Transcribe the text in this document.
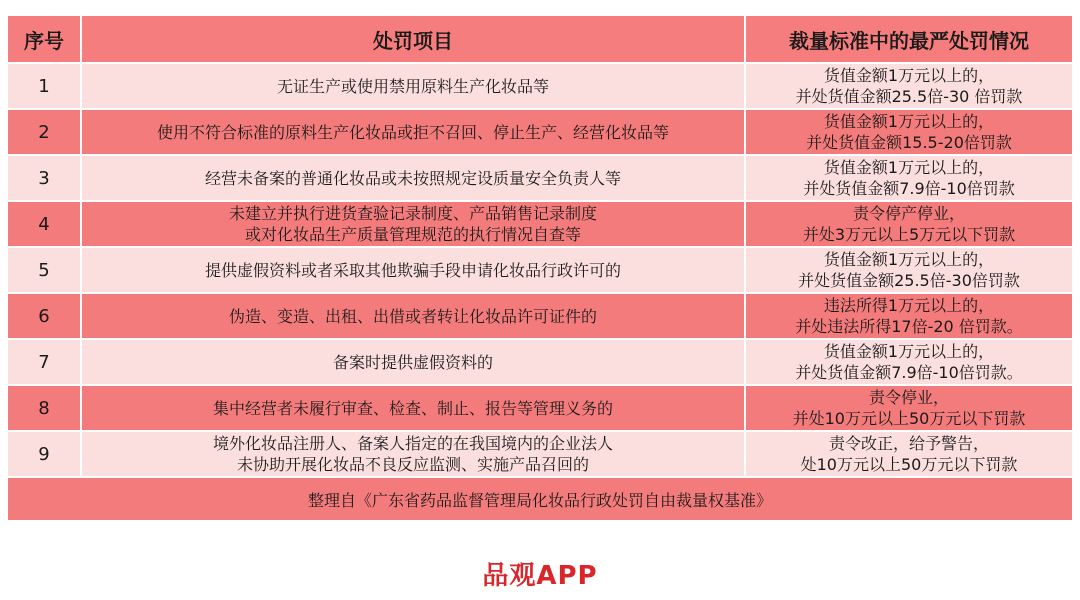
序号	处罚项目	裁量标准中的最严处罚情况
1	无证生产或使用禁用原料生产化妆品等	货值金额1万元以上的，
并处货值金额25.5倍-30 倍罚款

2	使用不符合标准的原料生产化妆品或拒不召回、停止生产、经营化妆品等	货值金额1万元以上的，
并处货值金额15.5-20倍罚款

3	经营未备案的普通化妆品或未按照规定设质量安全负责人等	货值金额1万元以上的，
并处货值金额7.9倍-10倍罚款

4	未建立并执行进货查验记录制度、产品销售记录制度
或对化妆品生产质量管理规范的执行情况自查等	责令停产停业，
并处3万元以上5万元以下罚款

5	提供虚假资料或者采取其他欺骗手段申请化妆品行政许可的	货值金额1万元以上的，
并处货值金额25.5倍-30倍罚款

6	伪造、变造、出租、出借或者转让化妆品许可证件的	违法所得1万元以上的，
并处违法所得17倍-20 倍罚款。

7	备案时提供虚假资料的	货值金额1万元以上的，
并处货值金额7.9倍-10倍罚款。

8	集中经营者未履行审查、检查、制止、报告等管理义务的	责令停业，
并处10万元以上50万元以下罚款

9	境外化妆品注册人、备案人指定的在我国境内的企业法人
未协助开展化妆品不良反应监测、实施产品召回的	责令改正，给予警告，
处10万元以上50万元以下罚款

整理自《广东省药品监督管理局化妆品行政处罚自由裁量权基准》		
品观APP
